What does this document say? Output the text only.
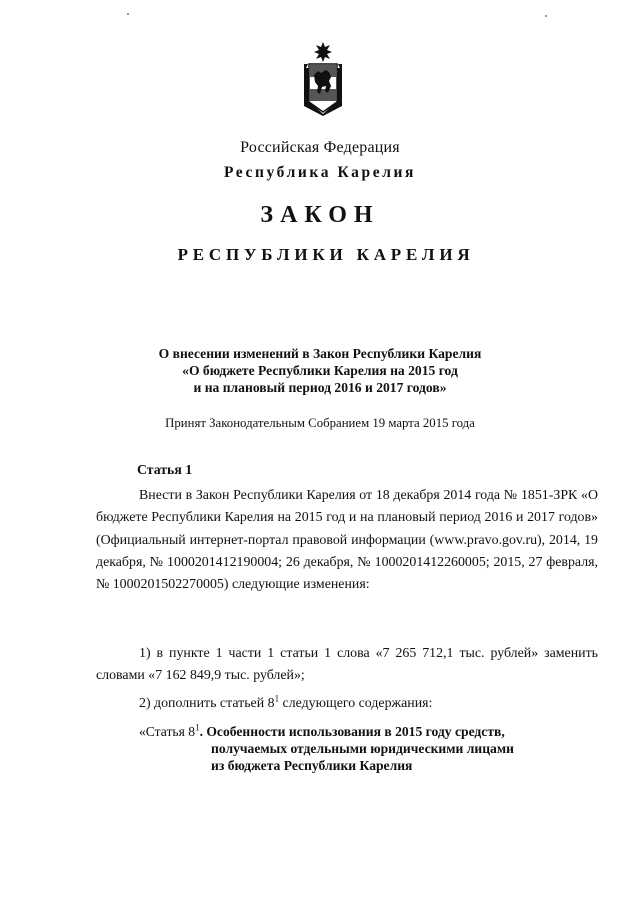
Российская Федерация
Республика Карелия
ЗАКОН
РЕСПУБЛИКИ КАРЕЛИЯ
О внесении изменений в Закон Республики Карелия
«О бюджете Республики Карелия на 2015 год
и на плановый период 2016 и 2017 годов»
Принят Законодательным Собранием 19 марта 2015 года
Статья 1
Внести в Закон Республики Карелия от 18 декабря 2014 года № 1851-ЗРК «О бюджете Республики Карелия на 2015 год и на плановый период 2016 и 2017 годов» (Официальный интернет-портал правовой информации (www.pravo.gov.ru), 2014, 19 декабря, № 1000201412190004; 26 декабря, № 1000201412260005; 2015, 27 февраля, № 1000201502270005) следующие изменения:
1) в пункте 1 части 1 статьи 1 слова «7 265 712,1 тыс. рублей» заменить словами «7 162 849,9 тыс. рублей»;
2) дополнить статьей $8^1$ следующего содержания:
«Статья $8^1$. Особенности использования в 2015 году средств,
получаемых отдельными юридическими лицами
из бюджета Республики Карелия
